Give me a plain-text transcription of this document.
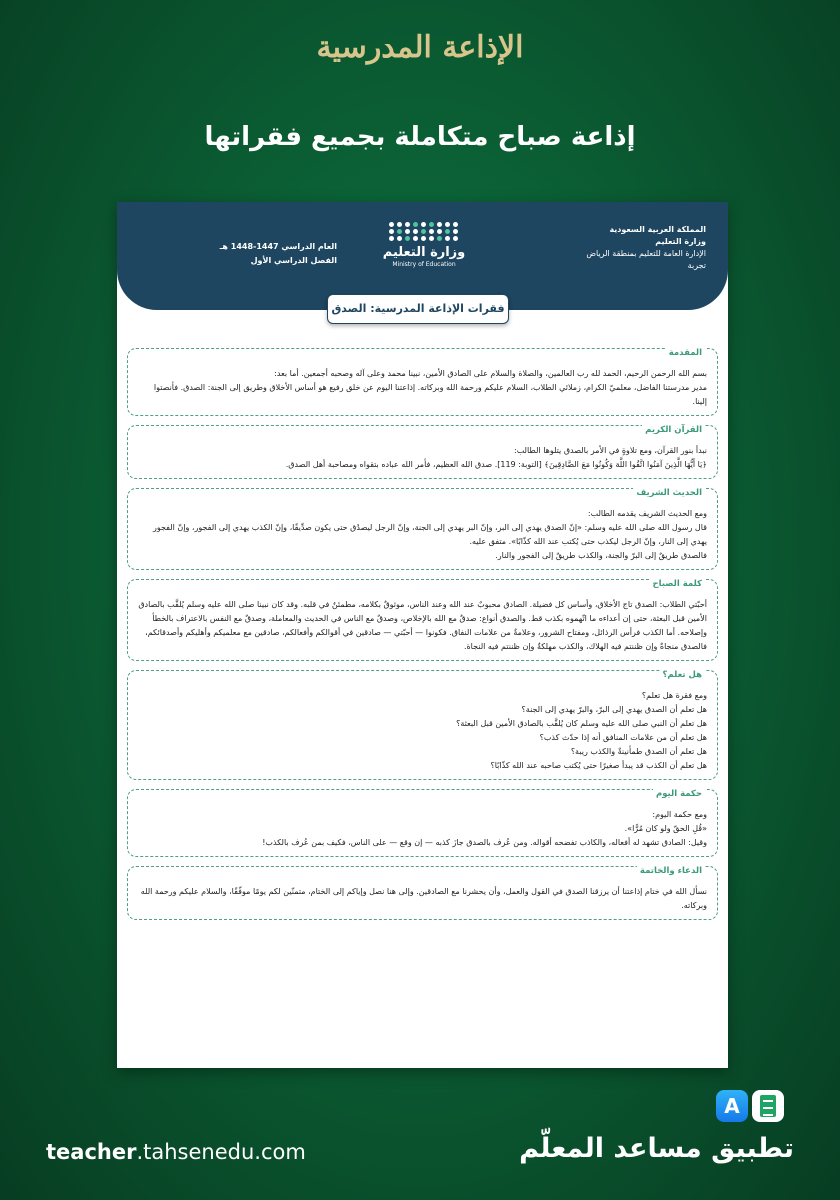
الإذاعة المدرسية
إذاعة صباح متكاملة بجميع فقراتها
المملكة العربية السعودية
وزارة التعليم
الإدارة العامة للتعليم بمنطقة الرياض
تجربة
وزارة التعليم
Ministry of Education
العام الدراسي 1447-1448 هـ
الفصل الدراسي الأول
فقرات الإذاعة المدرسية: الصدق
المقدمة

بسم الله الرحمن الرحيم، الحمد لله رب العالمين، والصلاة والسلام على الصادق الأمين، نبينا محمد وعلى آله وصحبه أجمعين. أما بعد:

مدير مدرستنا الفاضل، معلميّ الكرام، زملائي الطلاب، السلام عليكم ورحمة الله وبركاته. إذاعتنا اليوم عن خلق رفيع هو أساس الأخلاق وطريق إلى الجنة: الصدق. فأنصتوا إلينا.

القرآن الكريم

نبدأ بنور القرآن، ومع تلاوةٍ في الأمر بالصدق يتلوها الطالب:

﴿يَا أَيُّهَا الَّذِينَ آمَنُوا اتَّقُوا اللَّهَ وَكُونُوا مَعَ الصَّادِقِينَ﴾ [التوبة: 119]. صدق الله العظيم، فأمر الله عباده بتقواه ومصاحبة أهل الصدق.

الحديث الشريف

ومع الحديث الشريف يقدمه الطالب:

قال رسول الله صلى الله عليه وسلم: «إنّ الصدق يهدي إلى البر، وإنّ البر يهدي إلى الجنة، وإنّ الرجل ليصدُق حتى يكون صدِّيقًا، وإنّ الكذب يهدي إلى الفجور، وإنّ الفجور يهدي إلى النار، وإنّ الرجل ليكذب حتى يُكتب عند الله كذّابًا». متفق عليه.

فالصدق طريقٌ إلى البرّ والجنة، والكذب طريقٌ إلى الفجور والنار.

كلمة الصباح

أحبّتي الطلاب: الصدق تاج الأخلاق، وأساس كل فضيلة. الصادق محبوبٌ عند الله وعند الناس، موثوقٌ بكلامه، مطمئنٌ في قلبه. وقد كان نبينا صلى الله عليه وسلم يُلقَّب بالصادق الأمين قبل البعثة، حتى إن أعداءه ما اتّهموه بكذب قط. والصدق أنواع: صدقٌ مع الله بالإخلاص، وصدقٌ مع الناس في الحديث والمعاملة، وصدقٌ مع النفس بالاعتراف بالخطأ وإصلاحه. أما الكذب فرأس الرذائل، ومفتاح الشرور، وعلامةٌ من علامات النفاق. فكونوا — أحبّتي — صادقين في أقوالكم وأفعالكم، صادقين مع معلميكم وأهليكم وأصدقائكم، فالصدق منجاةٌ وإن ظننتم فيه الهلاك، والكذب مهلكةٌ وإن ظننتم فيه النجاة.

هل تعلم؟

ومع فقرة هل تعلم؟

هل تعلم أن الصدق يهدي إلى البرّ، والبرّ يهدي إلى الجنة؟

هل تعلم أن النبي صلى الله عليه وسلم كان يُلقَّب بالصادق الأمين قبل البعثة؟

هل تعلم أن من علامات المنافق أنه إذا حدّث كذب؟

هل تعلم أن الصدق طمأنينةٌ والكذب ريبة؟

هل تعلم أن الكذب قد يبدأ صغيرًا حتى يُكتب صاحبه عند الله كذّابًا؟

حكمة اليوم

ومع حكمة اليوم:

«قُلِ الحقّ ولو كان مُرًّا».

وقيل: الصادق تشهد له أفعاله، والكاذب تفضحه أقواله. ومن عُرف بالصدق جازَ كذبه — إن وقع — على الناس، فكيف بمن عُرف بالكذب!

الدعاء والخاتمة

نسأل الله في ختام إذاعتنا أن يرزقنا الصدق في القول والعمل، وأن يحشرنا مع الصادقين. وإلى هنا نصل وإياكم إلى الختام، متمنّين لكم يومًا موفّقًا، والسلام عليكم ورحمة الله وبركاته.

A
teacher.tahsenedu.com	تطبيق مساعد المعلّم
